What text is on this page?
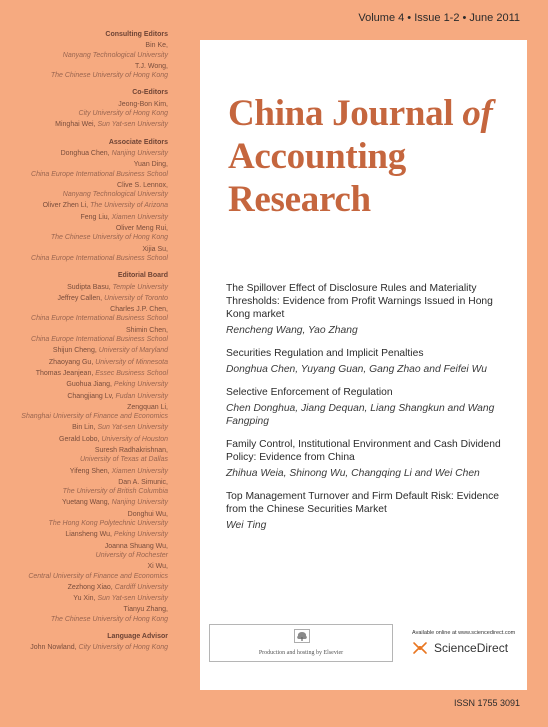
Volume 4 • Issue 1-2 • June 2011
Consulting Editors
Bin Ke,
Nanyang Technological University
T.J. Wong,
The Chinese University of Hong Kong
Co-Editors
Jeong-Bon Kim,
City University of Hong Kong
Minghai Wei, Sun Yat-sen University
Associate Editors
Donghua Chen, Nanjing University
Yuan Ding,
China Europe International Business School
Clive S. Lennox,
Nanyang Technological University
Oliver Zhen Li, The University of Arizona
Feng Liu, Xiamen University
Oliver Meng Rui,
The Chinese University of Hong Kong
Xijia Su,
China Europe International Business School
Editorial Board
Sudipta Basu, Temple University
Jeffrey Callen, University of Toronto
Charles J.P. Chen,
China Europe International Business School
Shimin Chen,
China Europe International Business School
Shijun Cheng, University of Maryland
Zhaoyang Gu, University of Minnesota
Thomas Jeanjean, Essec Business School
Guohua Jiang, Peking University
Changjiang Lv, Fudan University
Zengquan Li,
Shanghai University of Finance and Economics
Bin Lin, Sun Yat-sen University
Gerald Lobo, University of Houston
Suresh Radhakrishnan,
University of Texas at Dallas
Yifeng Shen, Xiamen University
Dan A. Simunic,
The University of British Columbia
Yuetang Wang, Nanjing University
Donghui Wu,
The Hong Kong Polytechnic University
Liansheng Wu, Peking University
Joanna Shuang Wu,
University of Rochester
Xi Wu,
Central University of Finance and Economics
Zezhong Xiao, Cardiff University
Yu Xin, Sun Yat-sen University
Tianyu Zhang,
The Chinese University of Hong Kong
Language Advisor
John Nowland, City University of Hong Kong
China Journal of
Accounting
Research
The Spillover Effect of Disclosure Rules and Materiality Thresholds: Evidence from Profit Warnings Issued in Hong Kong market
Rencheng Wang, Yao Zhang
Securities Regulation and Implicit Penalties
Donghua Chen, Yuyang Guan, Gang Zhao and Feifei Wu
Selective Enforcement of Regulation
Chen Donghua, Jiang Dequan, Liang Shangkun and Wang Fangping
Family Control, Institutional Environment and Cash Dividend Policy: Evidence from China
Zhihua Weia, Shinong Wu, Changqing Li and Wei Chen
Top Management Turnover and Firm Default Risk: Evidence from the Chinese Securities Market
Wei Ting
Production and hosting by Elsevier
Available online at www.sciencedirect.com
ScienceDirect
ISSN 1755 3091
